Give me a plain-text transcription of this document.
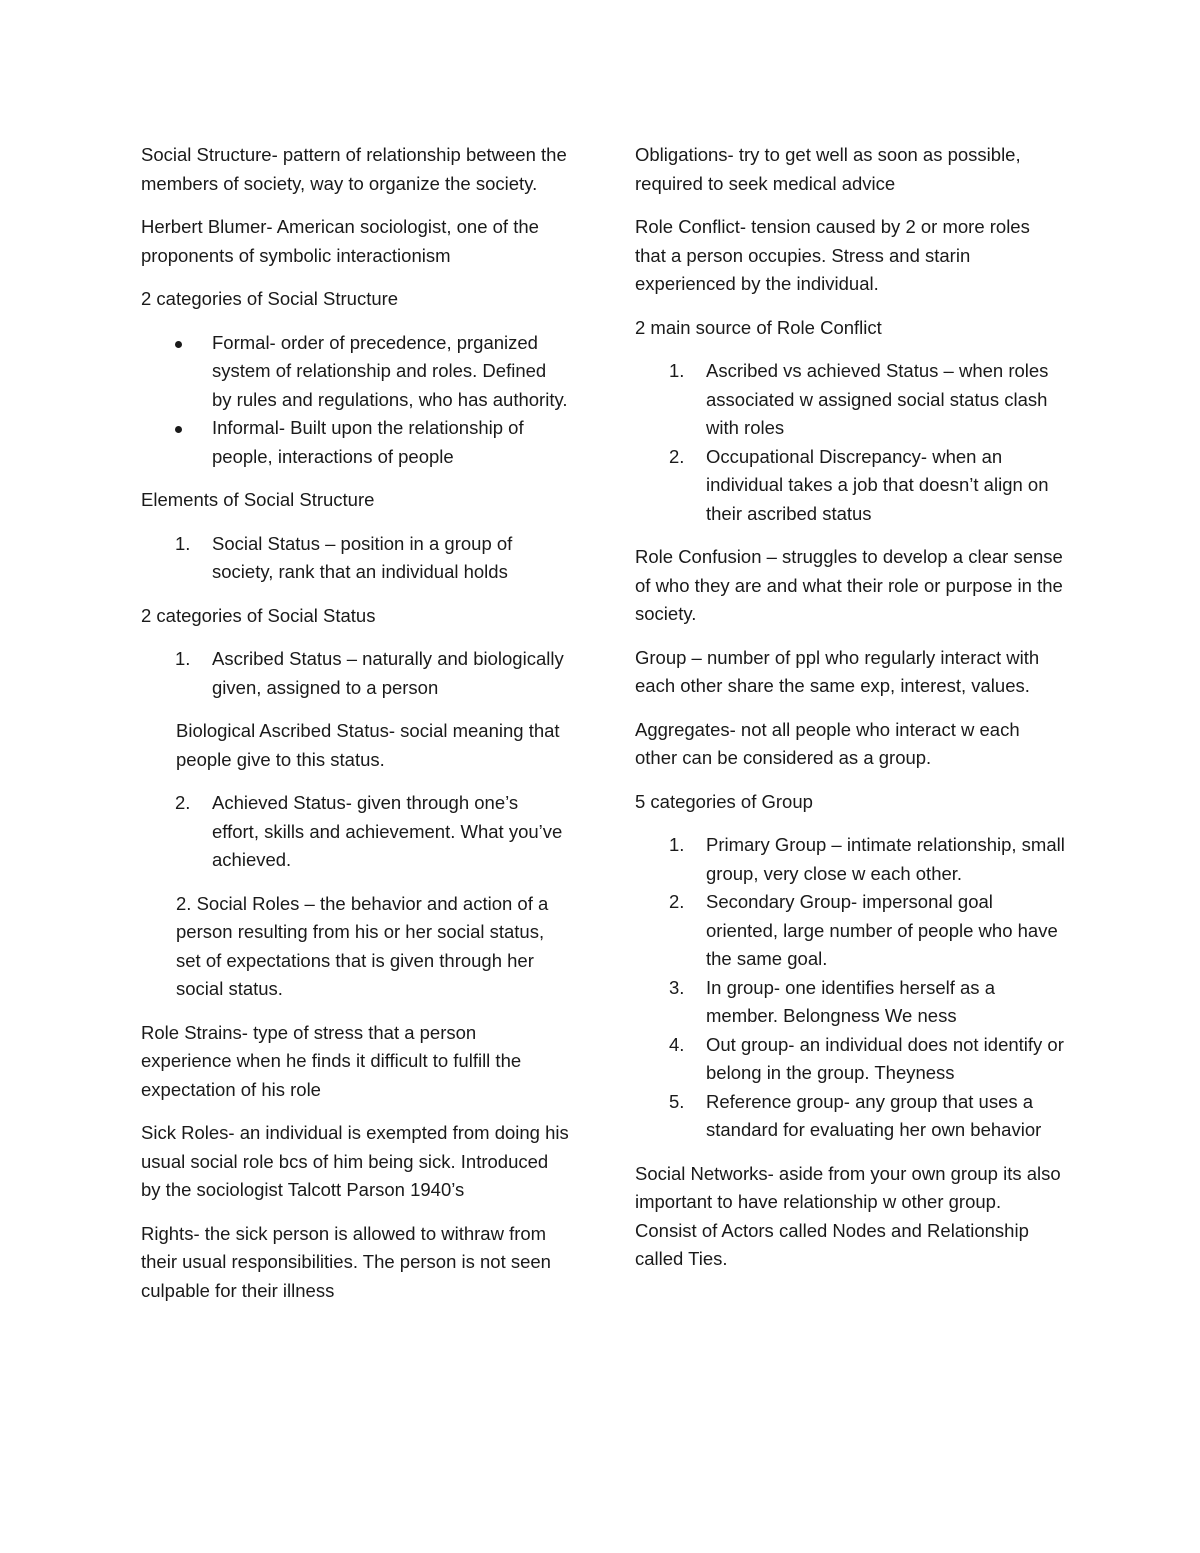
Social Structure- pattern of relationship between the members of society, way to organize the society.

Herbert Blumer- American sociologist, one of the proponents of symbolic interactionism

2 categories of Social Structure

Formal- order of precedence, prganized system of relationship and roles. Defined by rules and regulations, who has authority.
Informal- Built upon the relationship of people, interactions of people

Elements of Social Structure

1. Social Status – position in a group of society, rank that an individual holds

2 categories of Social Status

1. Ascribed Status – naturally and biologically given, assigned to a person

Biological Ascribed Status- social meaning that people give to this status.

2. Achieved Status- given through one’s effort, skills and achievement. What you’ve achieved.

2. Social Roles – the behavior and action of a person resulting from his or her social status, set of expectations that is given through her social status.

Role Strains- type of stress that a person experience when he finds it difficult to fulfill the expectation of his role

Sick Roles- an individual is exempted from doing his usual social role bcs of him being sick. Introduced by the sociologist Talcott Parson 1940’s

Rights- the sick person is allowed to withraw from their usual responsibilities. The person is not seen culpable for their illness

Obligations- try to get well as soon as possible, required to seek medical advice

Role Conflict- tension caused by 2 or more roles that a person occupies. Stress and starin experienced by the individual.

2 main source of Role Conflict

1. Ascribed vs achieved Status – when roles associated w assigned social status clash with roles
2. Occupational Discrepancy- when an individual takes a job that doesn’t align on their ascribed status

Role Confusion – struggles to develop a clear sense of who they are and what their role or purpose in the society.

Group – number of ppl who regularly interact with each other share the same exp, interest, values.

Aggregates- not all people who interact w each other can be considered as a group.

5 categories of Group

1. Primary Group – intimate relationship, small group, very close w each other.
2. Secondary Group- impersonal goal oriented, large number of people who have the same goal.
3. In group- one identifies herself as a member. Belongness We ness
4. Out group- an individual does not identify or belong in the group. Theyness
5. Reference group- any group that uses a standard for evaluating her own behavior

Social Networks- aside from your own group its also important to have relationship w other group. Consist of Actors called Nodes and Relationship called Ties.
